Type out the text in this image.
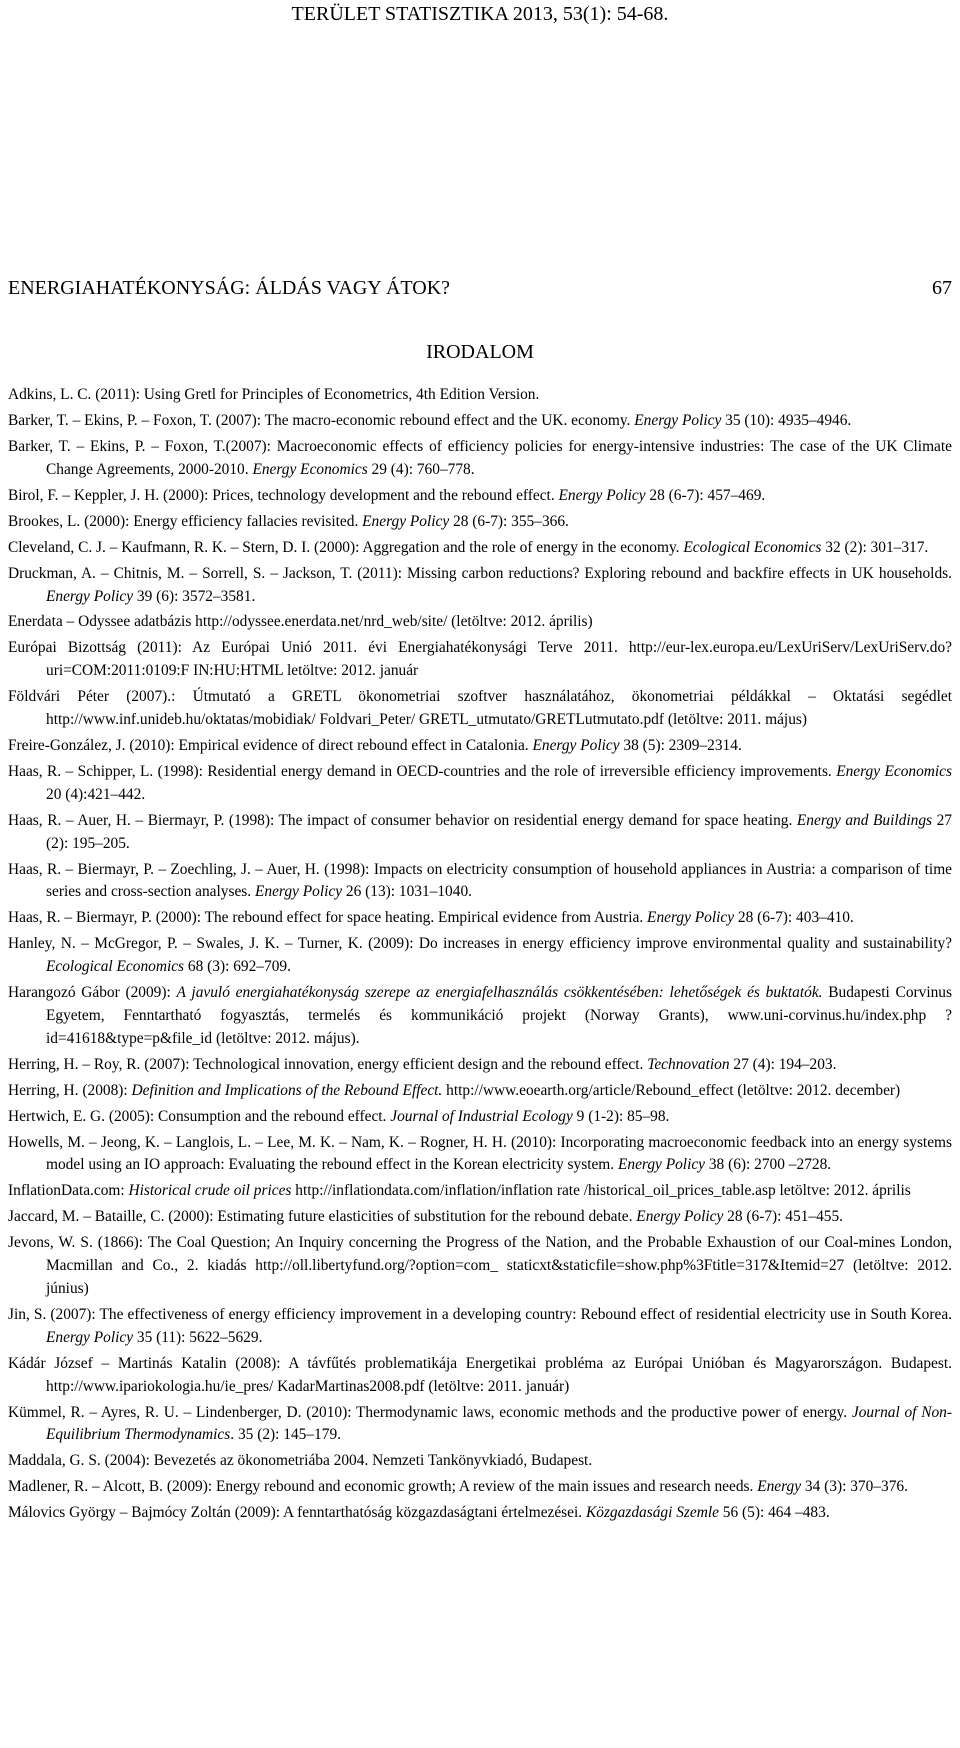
TERÜLET STATISZTIKA 2013, 53(1): 54-68.
ENERGIAHATÉKONYSÁG: ÁLDÁS VAGY ÁTOK?	67
IRODALOM
Adkins, L. C. (2011): Using Gretl for Principles of Econometrics, 4th Edition Version.
Barker, T. – Ekins, P. – Foxon, T. (2007): The macro-economic rebound effect and the UK. economy. Energy Policy 35 (10): 4935–4946.
Barker, T. – Ekins, P. – Foxon, T.(2007): Macroeconomic effects of efficiency policies for energy-intensive industries: The case of the UK Climate Change Agreements, 2000-2010. Energy Economics 29 (4): 760–778.
Birol, F. – Keppler, J. H. (2000): Prices, technology development and the rebound effect. Energy Policy 28 (6-7): 457–469.
Brookes, L. (2000): Energy efficiency fallacies revisited. Energy Policy 28 (6-7): 355–366.
Cleveland, C. J. – Kaufmann, R. K. – Stern, D. I. (2000): Aggregation and the role of energy in the economy. Ecological Economics 32 (2): 301–317.
Druckman, A. – Chitnis, M. – Sorrell, S. – Jackson, T. (2011): Missing carbon reductions? Exploring rebound and backfire effects in UK households. Energy Policy 39 (6): 3572–3581.
Enerdata – Odyssee adatbázis http://odyssee.enerdata.net/nrd_web/site/ (letöltve: 2012. április)
Európai Bizottság (2011): Az Európai Unió 2011. évi Energiahatékonysági Terve 2011. http://eur-lex.europa.eu/LexUriServ/LexUriServ.do?uri=COM:2011:0109:F IN:HU:HTML letöltve: 2012. január
Földvári Péter (2007).: Útmutató a GRETL ökonometriai szoftver használatához, ökonometriai példákkal – Oktatási segédlet http://www.inf.unideb.hu/oktatas/mobidiak/ Foldvari_Peter/ GRETL_utmutato/GRETLutmutato.pdf (letöltve: 2011. május)
Freire-González, J. (2010): Empirical evidence of direct rebound effect in Catalonia. Energy Policy 38 (5): 2309–2314.
Haas, R. – Schipper, L. (1998): Residential energy demand in OECD-countries and the role of irreversible efficiency improvements. Energy Economics 20 (4):421–442.
Haas, R. – Auer, H. – Biermayr, P. (1998): The impact of consumer behavior on residential energy demand for space heating. Energy and Buildings 27 (2): 195–205.
Haas, R. – Biermayr, P. – Zoechling, J. – Auer, H. (1998): Impacts on electricity consumption of household appliances in Austria: a comparison of time series and cross-section analyses. Energy Policy 26 (13): 1031–1040.
Haas, R. – Biermayr, P. (2000): The rebound effect for space heating. Empirical evidence from Austria. Energy Policy 28 (6-7): 403–410.
Hanley, N. – McGregor, P. – Swales, J. K. – Turner, K. (2009): Do increases in energy efficiency improve environmental quality and sustainability? Ecological Economics 68 (3): 692–709.
Harangozó Gábor (2009): A javuló energiahatékonyság szerepe az energiafelhasználás csökkentésében: lehetőségek és buktatók. Budapesti Corvinus Egyetem, Fenntartható fogyasztás, termelés és kommunikáció projekt (Norway Grants), www.uni-corvinus.hu/index.php ?id=41618&type=p&file_id (letöltve: 2012. május).
Herring, H. – Roy, R. (2007): Technological innovation, energy efficient design and the rebound effect. Technovation 27 (4): 194–203.
Herring, H. (2008): Definition and Implications of the Rebound Effect. http://www.eoearth.org/article/Rebound_effect (letöltve: 2012. december)
Hertwich, E. G. (2005): Consumption and the rebound effect. Journal of Industrial Ecology 9 (1-2): 85–98.
Howells, M. – Jeong, K. – Langlois, L. – Lee, M. K. – Nam, K. – Rogner, H. H. (2010): Incorporating macroeconomic feedback into an energy systems model using an IO approach: Evaluating the rebound effect in the Korean electricity system. Energy Policy 38 (6): 2700 –2728.
InflationData.com: Historical crude oil prices http://inflationdata.com/inflation/inflation rate /historical_oil_prices_table.asp letöltve: 2012. április
Jaccard, M. – Bataille, C. (2000): Estimating future elasticities of substitution for the rebound debate. Energy Policy 28 (6-7): 451–455.
Jevons, W. S. (1866): The Coal Question; An Inquiry concerning the Progress of the Nation, and the Probable Exhaustion of our Coal-mines London, Macmillan and Co., 2. kiadás http://oll.libertyfund.org/?option=com_ staticxt&staticfile=show.php%3Ftitle=317&Itemid=27 (letöltve: 2012. június)
Jin, S. (2007): The effectiveness of energy efficiency improvement in a developing country: Rebound effect of residential electricity use in South Korea. Energy Policy 35 (11): 5622–5629.
Kádár József – Martinás Katalin (2008): A távfűtés problematikája Energetikai probléma az Európai Unióban és Magyarországon. Budapest. http://www.ipariokologia.hu/ie_pres/ KadarMartinas2008.pdf (letöltve: 2011. január)
Kümmel, R. – Ayres, R. U. – Lindenberger, D. (2010): Thermodynamic laws, economic methods and the productive power of energy. Journal of Non-Equilibrium Thermodynamics. 35 (2): 145–179.
Maddala, G. S. (2004): Bevezetés az ökonometriába 2004. Nemzeti Tankönyvkiadó, Budapest.
Madlener, R. – Alcott, B. (2009): Energy rebound and economic growth; A review of the main issues and research needs. Energy 34 (3): 370–376.
Málovics György – Bajmócy Zoltán (2009): A fenntarthatóság közgazdaságtani értelmezései. Közgazdasági Szemle 56 (5): 464 –483.
